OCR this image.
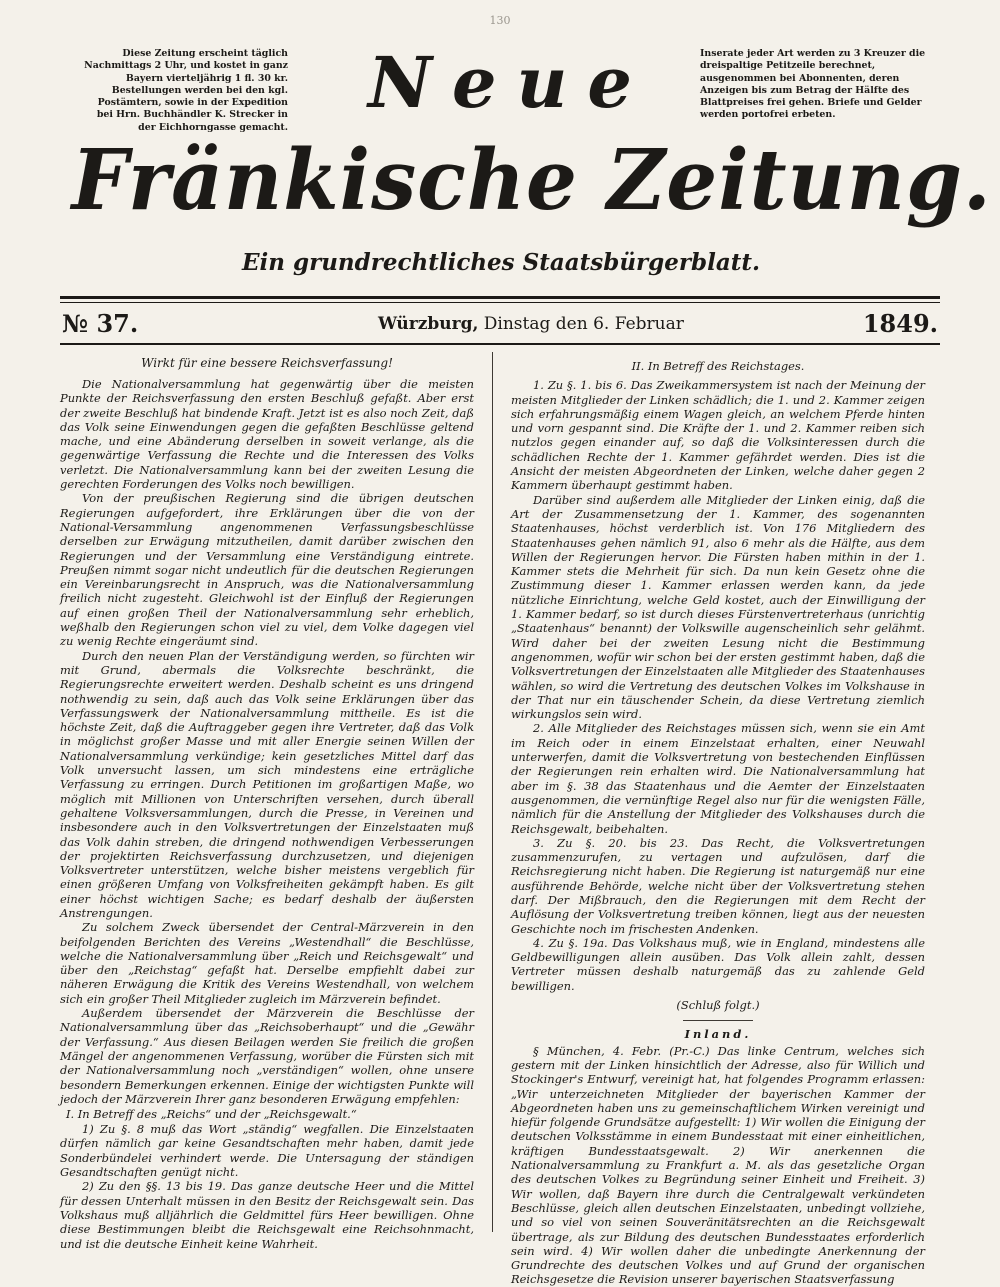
130
Diese Zeitung erscheint täglich Nachmittags 2 Uhr, und kostet in ganz Bayern vierteljährig 1 fl. 30 kr. Bestellungen werden bei den kgl. Postämtern, sowie in der Expedition bei Hrn. Buchhändler K. Strecker in der Eichhorngasse gemacht.
Inserate jeder Art werden zu 3 Kreuzer die dreispaltige Petitzeile berechnet, ausgenommen bei Abonnenten, deren Anzeigen bis zum Betrag der Hälfte des Blattpreises frei gehen. Briefe und Gelder werden portofrei erbeten.
Neue
Fränkische Zeitung.
Ein grundrechtliches Staatsbürgerblatt.
№ 37.	Würzburg, Dinstag den 6. Februar	1849.

Wirkt für eine bessere Reichsverfassung!

Die Nationalversammlung hat gegenwärtig über die meisten Punkte der Reichsverfassung den ersten Beschluß gefaßt. Aber erst der zweite Beschluß hat bindende Kraft. Jetzt ist es also noch Zeit, daß das Volk seine Einwendungen gegen die gefaßten Beschlüsse geltend mache, und eine Abänderung derselben in soweit verlange, als die gegenwärtige Verfassung die Rechte und die Interessen des Volks verletzt. Die Nationalversammlung kann bei der zweiten Lesung die gerechten Forderungen des Volks noch bewilligen.

Von der preußischen Regierung sind die übrigen deutschen Regierungen aufgefordert, ihre Erklärungen über die von der National-Versammlung angenommenen Verfassungsbeschlüsse derselben zur Erwägung mitzutheilen, damit darüber zwischen den Regierungen und der Versammlung eine Verständigung eintrete. Preußen nimmt sogar nicht undeutlich für die deutschen Regierungen ein Vereinbarungsrecht in Anspruch, was die Nationalversammlung freilich nicht zugesteht. Gleichwohl ist der Einfluß der Regierungen auf einen großen Theil der Nationalversammlung sehr erheblich, weßhalb den Regierungen schon viel zu viel, dem Volke dagegen viel zu wenig Rechte eingeräumt sind.

Durch den neuen Plan der Verständigung werden, so fürchten wir mit Grund, abermals die Volksrechte beschränkt, die Regierungsrechte erweitert werden. Deshalb scheint es uns dringend nothwendig zu sein, daß auch das Volk seine Erklärungen über das Verfassungswerk der Nationalversammlung mittheile. Es ist die höchste Zeit, daß die Auftraggeber gegen ihre Vertreter, daß das Volk in möglichst großer Masse und mit aller Energie seinen Willen der Nationalversammlung verkündige; kein gesetzliches Mittel darf das Volk unversucht lassen, um sich mindestens eine erträgliche Verfassung zu erringen. Durch Petitionen im großartigen Maße, wo möglich mit Millionen von Unterschriften versehen, durch überall gehaltene Volksversammlungen, durch die Presse, in Vereinen und insbesondere auch in den Volksvertretungen der Einzelstaaten muß das Volk dahin streben, die dringend nothwendigen Verbesserungen der projektirten Reichsverfassung durchzusetzen, und diejenigen Volksvertreter unterstützen, welche bisher meistens vergeblich für einen größeren Umfang von Volksfreiheiten gekämpft haben. Es gilt einer höchst wichtigen Sache; es bedarf deshalb der äußersten Anstrengungen.

Zu solchem Zweck übersendet der Central-Märzverein in den beifolgenden Berichten des Vereins „Westendhall“ die Beschlüsse, welche die Nationalversammlung über „Reich und Reichsgewalt“ und über den „Reichstag“ gefaßt hat. Derselbe empfiehlt dabei zur näheren Erwägung die Kritik des Vereins Westendhall, von welchem sich ein großer Theil Mitglieder zugleich im Märzverein befindet.

Außerdem übersendet der Märzverein die Beschlüsse der Nationalversammlung über das „Reichsoberhaupt“ und die „Gewähr der Verfassung.“ Aus diesen Beilagen werden Sie freilich die großen Mängel der angenommenen Verfassung, worüber die Fürsten sich mit der Nationalversammlung noch „verständigen“ wollen, ohne unsere besondern Bemerkungen erkennen. Einige der wichtigsten Punkte will jedoch der Märzverein Ihrer ganz besonderen Erwägung empfehlen:

I. In Betreff des „Reichs“ und der „Reichsgewalt.“

1) Zu §. 8 muß das Wort „ständig“ wegfallen. Die Einzelstaaten dürfen nämlich gar keine Gesandtschaften mehr haben, damit jede Sonderbündelei verhindert werde. Die Untersagung der ständigen Gesandtschaften genügt nicht.

2) Zu den §§. 13 bis 19. Das ganze deutsche Heer und die Mittel für dessen Unterhalt müssen in den Besitz der Reichsgewalt sein. Das Volkshaus muß alljährlich die Geldmittel fürs Heer bewilligen. Ohne diese Bestimmungen bleibt die Reichsgewalt eine Reichsohnmacht, und ist die deutsche Einheit keine Wahrheit.

II. In Betreff des Reichstages.

1. Zu §. 1. bis 6. Das Zweikammersystem ist nach der Meinung der meisten Mitglieder der Linken schädlich; die 1. und 2. Kammer zeigen sich erfahrungsmäßig einem Wagen gleich, an welchem Pferde hinten und vorn gespannt sind. Die Kräfte der 1. und 2. Kammer reiben sich nutzlos gegen einander auf, so daß die Volksinteressen durch die schädlichen Rechte der 1. Kammer gefährdet werden. Dies ist die Ansicht der meisten Abgeordneten der Linken, welche daher gegen 2 Kammern überhaupt gestimmt haben.

Darüber sind außerdem alle Mitglieder der Linken einig, daß die Art der Zusammensetzung der 1. Kammer, des sogenannten Staatenhauses, höchst verderblich ist. Von 176 Mitgliedern des Staatenhauses gehen nämlich 91, also 6 mehr als die Hälfte, aus dem Willen der Regierungen hervor. Die Fürsten haben mithin in der 1. Kammer stets die Mehrheit für sich. Da nun kein Gesetz ohne die Zustimmung dieser 1. Kammer erlassen werden kann, da jede nützliche Einrichtung, welche Geld kostet, auch der Einwilligung der 1. Kammer bedarf, so ist durch dieses Fürstenvertreterhaus (unrichtig „Staatenhaus“ benannt) der Volkswille augenscheinlich sehr gelähmt. Wird daher bei der zweiten Lesung nicht die Bestimmung angenommen, wofür wir schon bei der ersten gestimmt haben, daß die Volksvertretungen der Einzelstaaten alle Mitglieder des Staatenhauses wählen, so wird die Vertretung des deutschen Volkes im Volkshause in der That nur ein täuschender Schein, da diese Vertretung ziemlich wirkungslos sein wird.

2. Alle Mitglieder des Reichstages müssen sich, wenn sie ein Amt im Reich oder in einem Einzelstaat erhalten, einer Neuwahl unterwerfen, damit die Volksvertretung von bestechenden Einflüssen der Regierungen rein erhalten wird. Die Nationalversammlung hat aber im §. 38 das Staatenhaus und die Aemter der Einzelstaaten ausgenommen, die vernünftige Regel also nur für die wenigsten Fälle, nämlich für die Anstellung der Mitglieder des Volkshauses durch die Reichsgewalt, beibehalten.

3. Zu §. 20. bis 23. Das Recht, die Volksvertretungen zusammenzurufen, zu vertagen und aufzulösen, darf die Reichsregierung nicht haben. Die Regierung ist naturgemäß nur eine ausführende Behörde, welche nicht über der Volksvertretung stehen darf. Der Mißbrauch, den die Regierungen mit dem Recht der Auflösung der Volksvertretung treiben können, liegt aus der neuesten Geschichte noch im frischesten Andenken.

4. Zu §. 19a. Das Volkshaus muß, wie in England, mindestens alle Geldbewilligungen allein ausüben. Das Volk allein zahlt, dessen Vertreter müssen deshalb naturgemäß das zu zahlende Geld bewilligen.

(Schluß folgt.)

Inland.

§ München, 4. Febr. (Pr.-C.) Das linke Centrum, welches sich gestern mit der Linken hinsichtlich der Adresse, also für Willich und Stockinger's Entwurf, vereinigt hat, hat folgendes Programm erlassen: „Wir unterzeichneten Mitglieder der bayerischen Kammer der Abgeordneten haben uns zu gemeinschaftlichem Wirken vereinigt und hiefür folgende Grundsätze aufgestellt: 1) Wir wollen die Einigung der deutschen Volksstämme in einem Bundesstaat mit einer einheitlichen, kräftigen Bundesstaatsgewalt. 2) Wir anerkennen die Nationalversammlung zu Frankfurt a. M. als das gesetzliche Organ des deutschen Volkes zu Begründung seiner Einheit und Freiheit. 3) Wir wollen, daß Bayern ihre durch die Centralgewalt verkündeten Beschlüsse, gleich allen deutschen Einzelstaaten, unbedingt vollziehe, und so viel von seinen Souveränitätsrechten an die Reichsgewalt übertrage, als zur Bildung des deutschen Bundesstaates erforderlich sein wird. 4) Wir wollen daher die unbedingte Anerkennung der Grundrechte des deutschen Volkes und auf Grund der organischen Reichsgesetze die Revision unserer bayerischen Staatsverfassung
